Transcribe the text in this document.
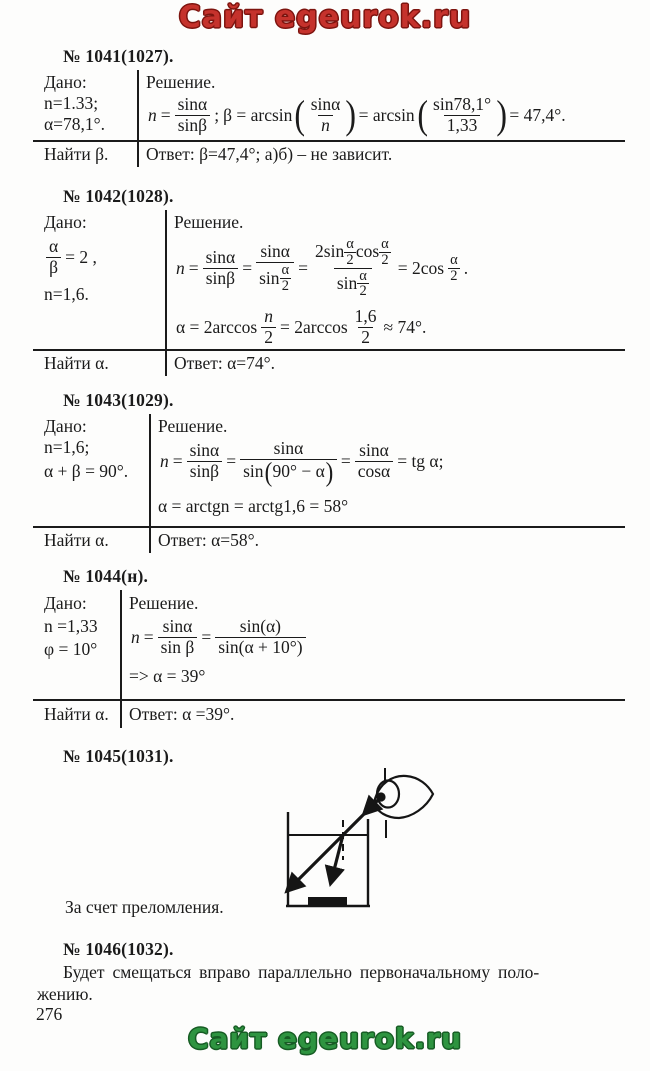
Сайт egeurok.ru
№ 1041(1027).
Дано:
n=1.33;
α=78,1°.
Решение.
$n = \frac{\sin\alpha}{\sin\beta}$ ; β = arcsin ( $\frac{\sin\alpha}{n}$ ) = arcsin ( $\frac{\sin 78,1^\circ}{1,33}$ ) = 47,4°.
Найти β.	Ответ: β=47,4°; а)б) – не зависит.
№ 1042(1028).
Дано:
$\frac{\alpha}{\beta} = 2$ ,
n=1,6.
Решение.
$n = \frac{\sin\alpha}{\sin\beta} = \frac{\sin\alpha}{\sin \frac{\alpha}{2}}$ =
$2\sin \frac{\alpha}{2}$ $\cos \frac{\alpha}{2}$
$\sin \frac{\alpha}{2}$
= $2\cos \frac{\alpha}{2}$ .
$\alpha = 2\arccos \frac{n}{2} = 2\arccos \frac{1,6}{2} \approx 74^\circ$.
Найти α.	Ответ: α=74°.
№ 1043(1029).
Дано:
n=1,6;
α + β = 90°.
Решение.
$n = \frac{\sin\alpha}{\sin\beta}$ =
sinα
sin ( 90° − α ) = $\frac{\sin\alpha}{\cos\alpha}$ = tg α;
α = arctgn = arctg1,6 = 58°
Найти α.	Ответ: α=58°.
№ 1044(н).
Дано:
n =1,33
φ = 10°
Решение.
$n = \frac{\sin\alpha}{\text{sin β}} = \frac{\sin(\alpha)}{\sin(\alpha + 10^\circ)}$
=> α = 39°
Найти α.	Ответ: α =39°.
№ 1045(1031).
За счет преломления.
№ 1046(1032).
Будет смещаться вправо параллельно первоначальному поло-
жению.
276
Сайт egeurok.ru
